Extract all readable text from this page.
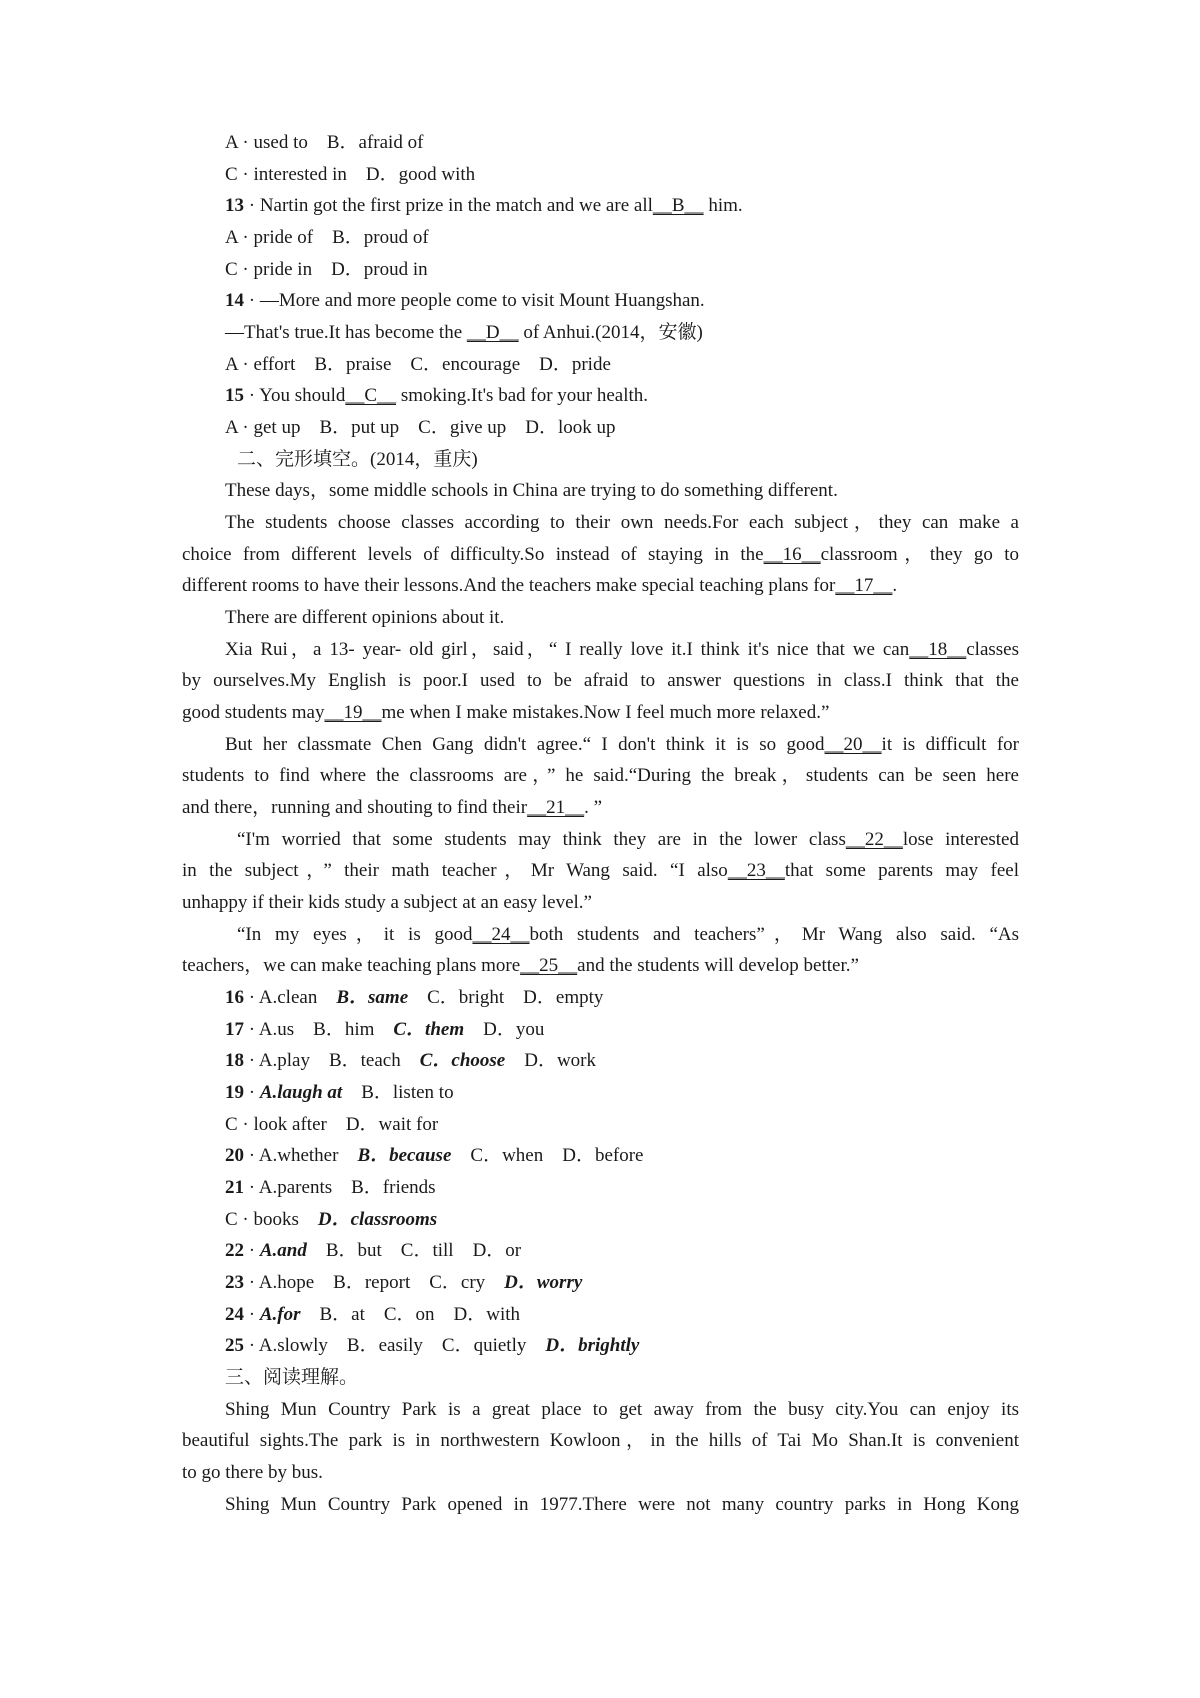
A · used to　B．afraid of
C · interested in　D．good with
13 · Nartin got the first prize in the match and we are all__B__ him.
A · pride of　B．proud of
C · pride in　D．proud in
14 · —More and more people come to visit Mount Huangshan.
—That's true.It has become the __D__ of Anhui.(2014，安徽)
A · effort　B．praise　C．encourage　D．pride
15 · You should__C__ smoking.It's bad for your health.
A · get up　B．put up　C．give up　D．look up
二、完形填空。(2014，重庆)
These days，some middle schools in China are trying to do something different.
The students choose classes according to their own needs.For each subject，they can make a
choice from different levels of difficulty.So instead of staying in the__16__classroom，they go to
different rooms to have their lessons.And the teachers make special teaching plans for__17__.
There are different opinions about it.
Xia Rui，a 13- year- old girl，said，“ I really love it.I think it's nice that we can__18__classes
by ourselves.My English is poor.I used to be afraid to answer questions in class.I think that the
good students may__19__me when I make mistakes.Now I feel much more relaxed.”
But her classmate Chen Gang didn't agree.“ I don't think it is so good__20__it is difficult for
students to find where the classrooms are，” he said.“During the break，students can be seen here
and there，running and shouting to find their__21__. ”
“I'm worried that some students may think they are in the lower class__22__lose interested
in the subject，” their math teacher，Mr Wang said. “I also__23__that some parents may feel
unhappy if their kids study a subject at an easy level.”
“In my eyes，it is good__24__both students and teachers”，Mr Wang also said. “As
teachers，we can make teaching plans more__25__and the students will develop better.”
16 · A.clean　B．same　C．bright　D．empty
17 · A.us　B．him　C．them　D．you
18 · A.play　B．teach　C．choose　D．work
19 · A.laugh at　B．listen to
C · look after　D．wait for
20 · A.whether　B．because　C．when　D．before
21 · A.parents　B．friends
C · books　D．classrooms
22 · A.and　B．but　C．till　D．or
23 · A.hope　B．report　C．cry　D．worry
24 · A.for　B．at　C．on　D．with
25 · A.slowly　B．easily　C．quietly　D．brightly
三、阅读理解。
Shing Mun Country Park is a great place to get away from the busy city.You can enjoy its
beautiful sights.The park is in northwestern Kowloon，in the hills of Tai Mo Shan.It is convenient
to go there by bus.
Shing Mun Country Park opened in 1977.There were not many country parks in Hong Kong
